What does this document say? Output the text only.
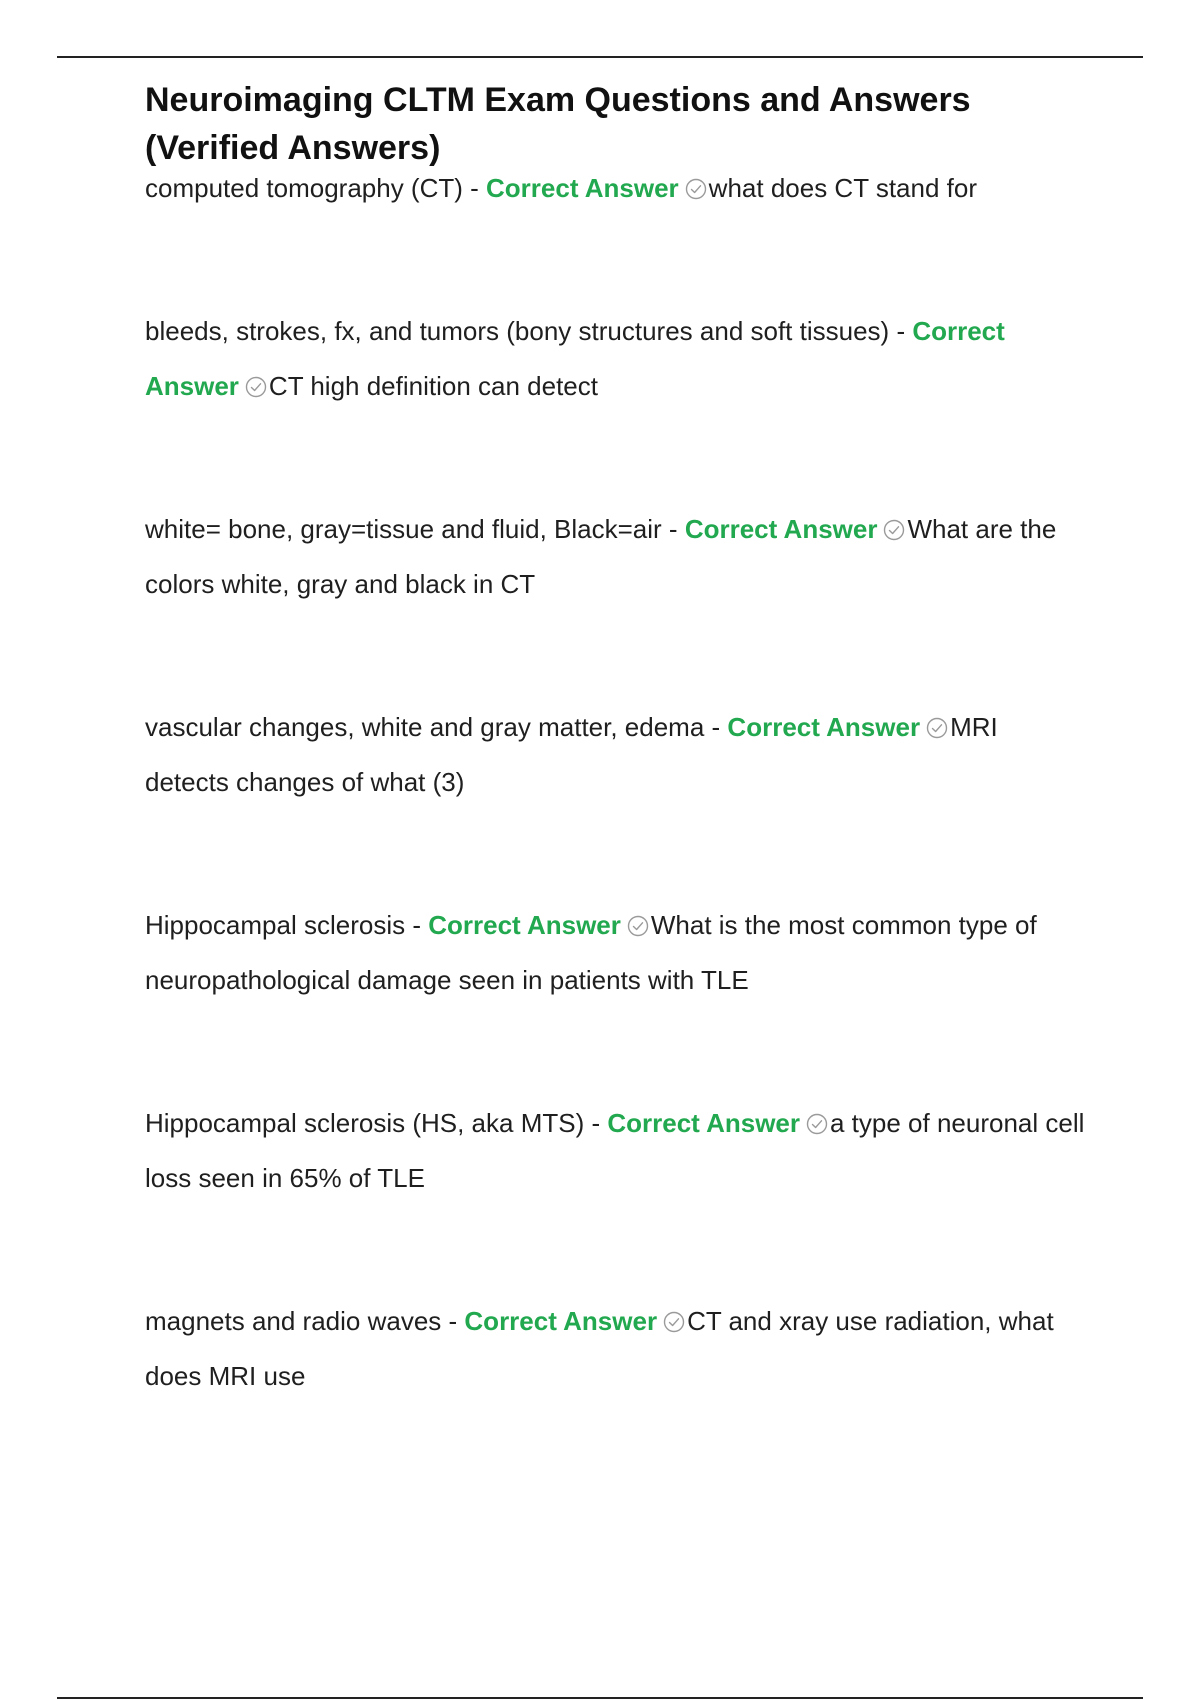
Neuroimaging CLTM Exam Questions and Answers
(Verified Answers)

computed tomography (CT) - Correct Answer what does CT stand for

bleeds, strokes, fx, and tumors (bony structures and soft tissues) - Correct Answer CT high definition can detect

white= bone, gray=tissue and fluid, Black=air - Correct Answer What are the colors white, gray and black in CT

vascular changes, white and gray matter, edema - Correct Answer MRI detects changes of what (3)

Hippocampal sclerosis - Correct Answer What is the most common type of neuropathological damage seen in patients with TLE

Hippocampal sclerosis (HS, aka MTS) - Correct Answer a type of neuronal cell loss seen in 65% of TLE

magnets and radio waves - Correct Answer CT and xray use radiation, what does MRI use
